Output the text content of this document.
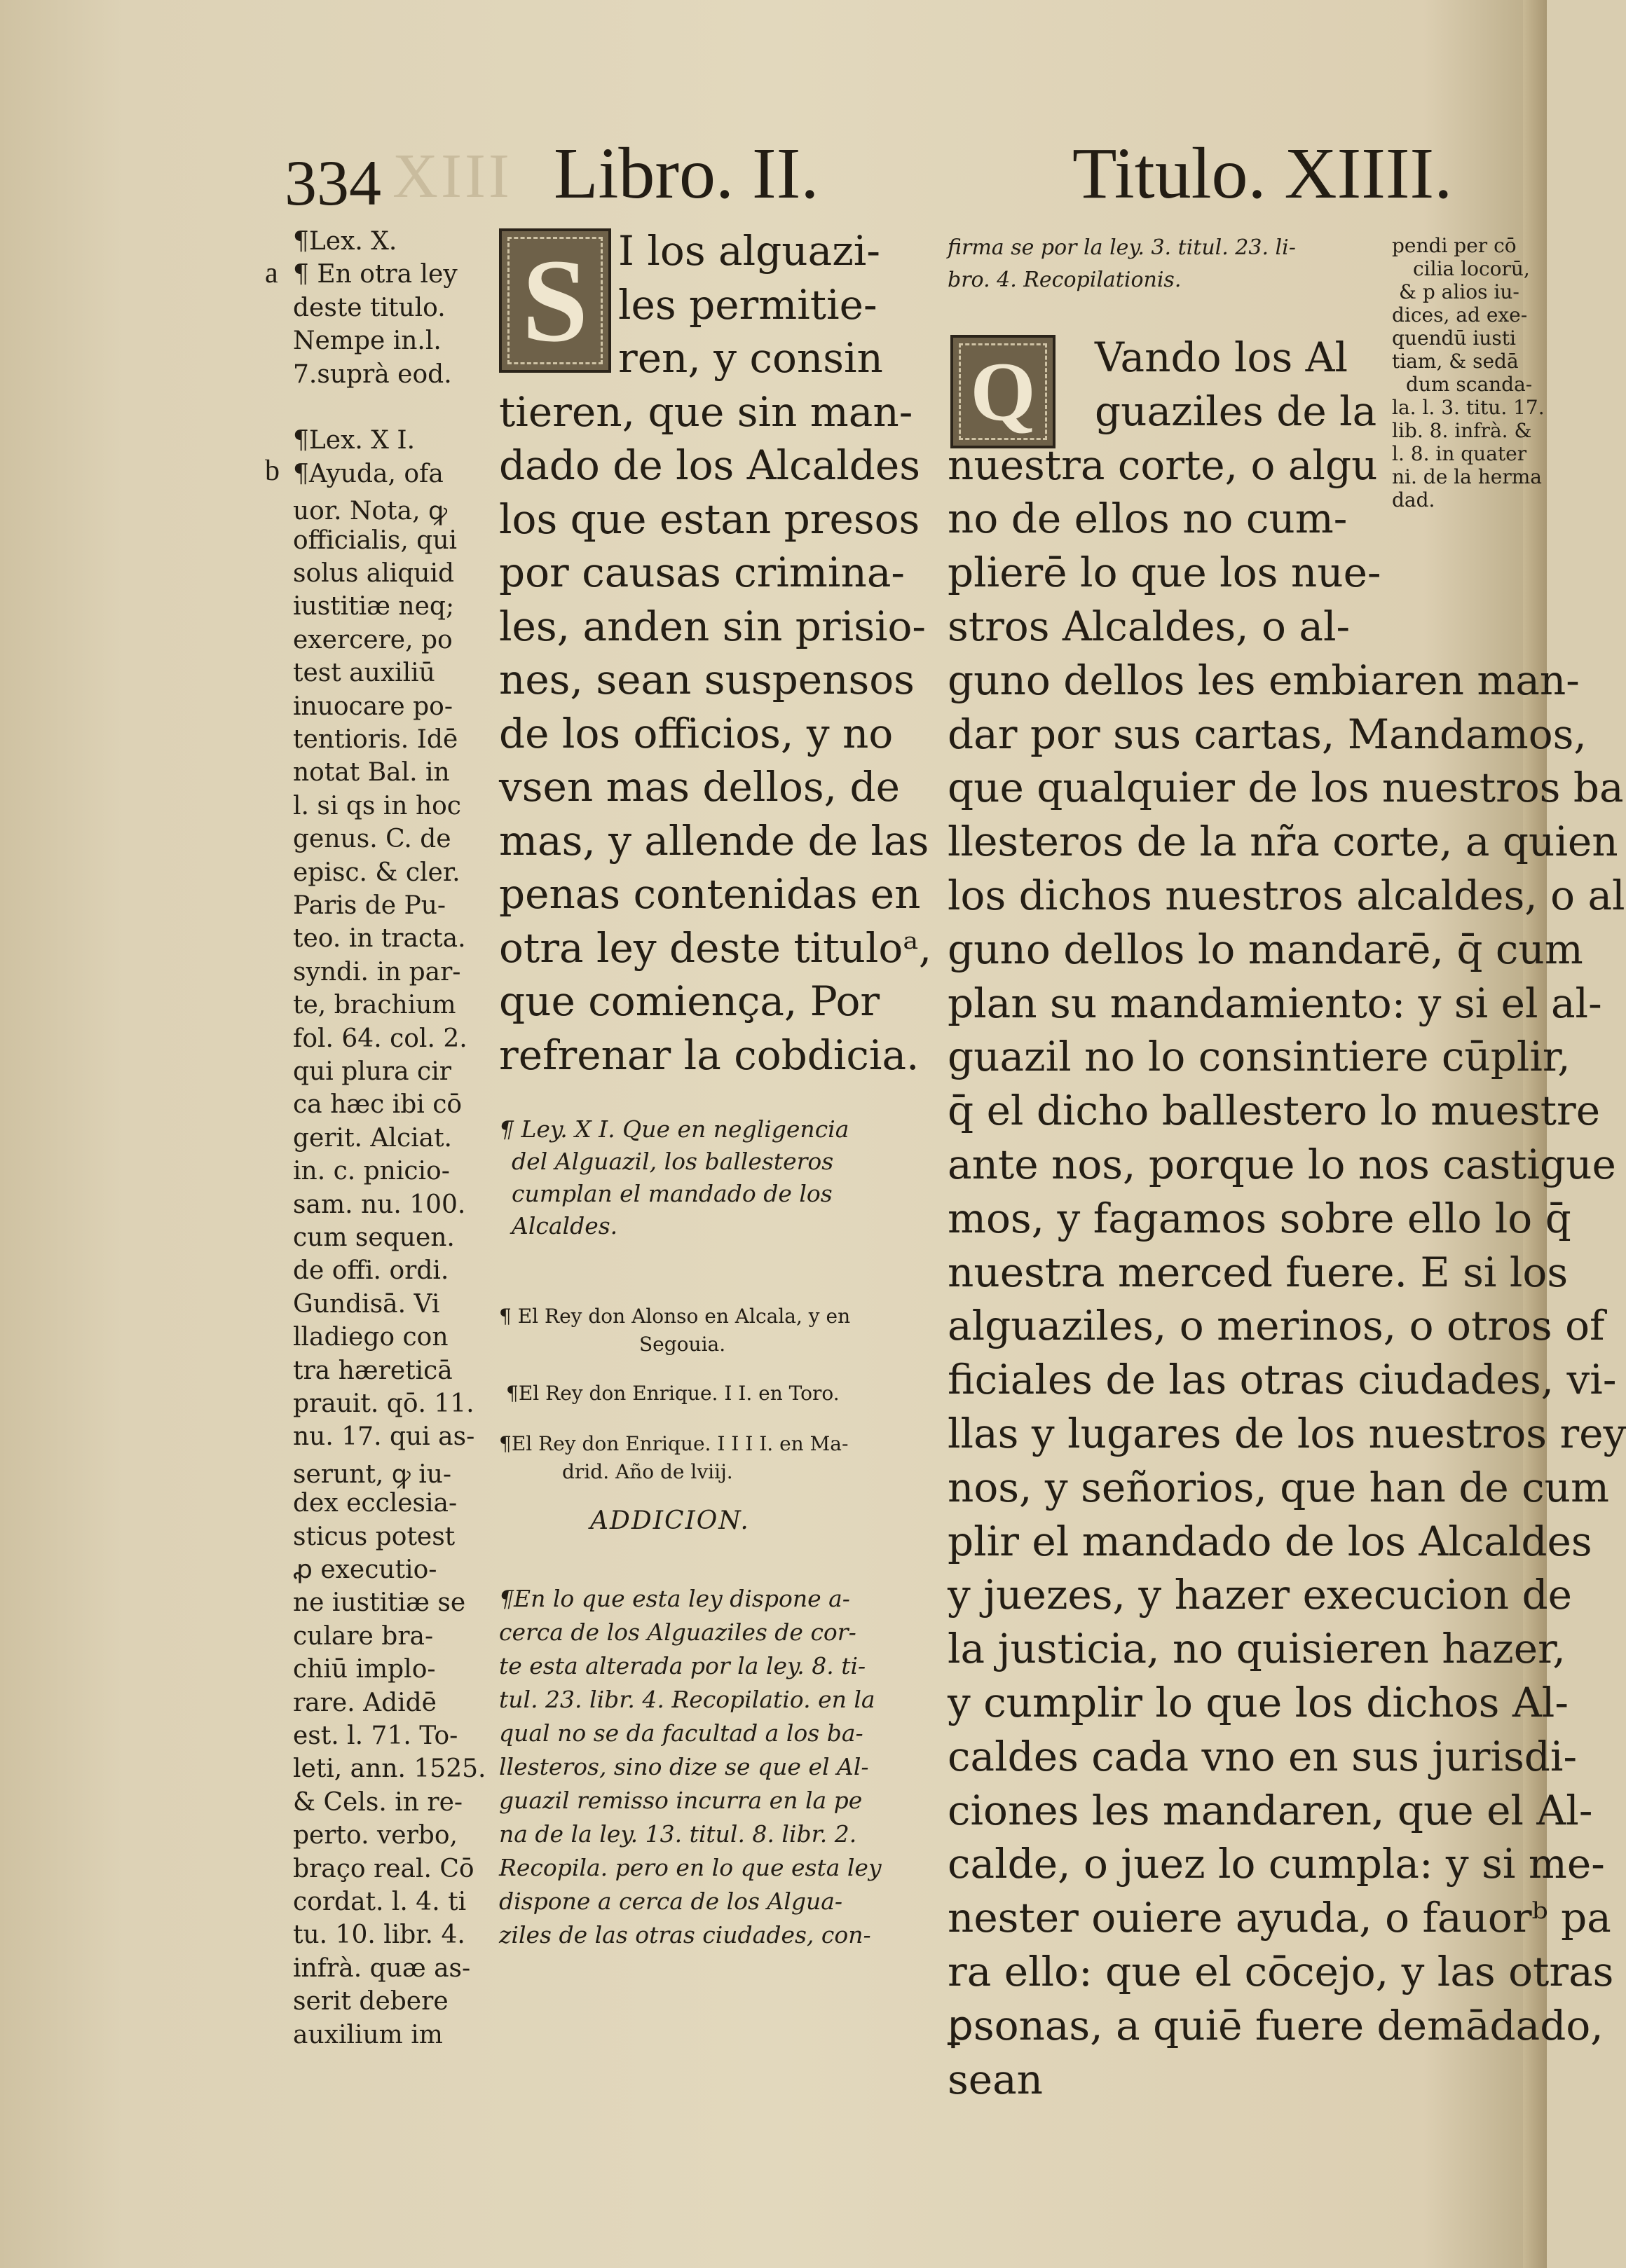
334 XIII Libro. II.	Titulo. XIIII.
a
b
¶Lex. X.
¶ En otra ley
deste titulo.
Nempe in.l.
7.suprà eod.
¶Lex. X I.
¶Ayuda, ofa
uor. Nota, ꝙ
officialis, qui
solus aliquid
iustitiæ neq;
exercere, po
test auxiliū
inuocare po-
tentioris. Idē
notat Bal. in
l. si qs in hoc
genus. C. de
episc. & cler.
Paris de Pu-
teo. in tracta.
syndi. in par-
te, brachium
fol. 64. col. 2.
qui plura cir
ca hæc ibi cō
gerit. Alciat.
in. c. pnicio-
sam. nu. 100.
cum sequen.
de offi. ordi.
Gundisā. Vi
lladiego con
tra hæreticā
prauit. qō. 11.
nu. 17. qui as-
serunt, ꝙ iu-
dex ecclesia-
sticus potest
ꝓ executio-
ne iustitiæ se
culare bra-
chiū implo-
rare. Adidē
est. l. 71. To-
leti, ann. 1525.
& Cels. in re-
perto. verbo,
braço real. Cō
cordat. l. 4. ti
tu. 10. libr. 4.
infrà. quæ as-
serit debere
auxilium im
S I los alguazi-
les permitie-
ren, y consin
tieren, que sin man-
dado de los Alcaldes
los que estan presos
por causas crimina-
les, anden sin prisio-
nes, sean suspensos
de los officios, y no
vsen mas dellos, de
mas, y allende de las
penas contenidas en
otra ley deste tituloᵃ,
que comiença, Por
refrenar la cobdicia.
¶ Ley. X I. Que en negligencia
del Alguazil, los ballesteros
cumplan el mandado de los
Alcaldes.
¶ El Rey don Alonso en Alcala, y en
Segouia.
¶El Rey don Enrique. I I. en Toro.
¶El Rey don Enrique. I I I I. en Ma-
drid. Año de lviij.
ADDICION.
¶En lo que esta ley dispone a-
cerca de los Alguaziles de cor-
te esta alterada por la ley. 8. ti-
tul. 23. libr. 4. Recopilatio. en la
qual no se da facultad a los ba-
llesteros, sino dize se que el Al-
guazil remisso incurra en la pe
na de la ley. 13. titul. 8. libr. 2.
Recopila. pero en lo que esta ley
dispone a cerca de los Algua-
ziles de las otras ciudades, con-
firma se por la ley. 3. titul. 23. li-
bro. 4. Recopilationis.
Q Vando los Al
guaziles de la
nuestra corte, o algu
no de ellos no cum-
plierē lo que los nue-
stros Alcaldes, o al-
guno dellos les embiaren man-
dar por sus cartas, Mandamos,
que qualquier de los nuestros ba
llesteros de la nr̃a corte, a quien
los dichos nuestros alcaldes, o al
guno dellos lo mandarē, q̄ cum
plan su mandamiento: y si el al-
guazil no lo consintiere cūplir,
q̄ el dicho ballestero lo muestre
ante nos, porque lo nos castigue
mos, y fagamos sobre ello lo q̄
nuestra merced fuere. E si los
alguaziles, o merinos, o otros of
ficiales de las otras ciudades, vi-
llas y lugares de los nuestros rey
nos, y señorios, que han de cum
plir el mandado de los Alcaldes
y juezes, y hazer execucion de
la justicia, no quisieren hazer,
y cumplir lo que los dichos Al-
caldes cada vno en sus jurisdi-
ciones les mandaren, que el Al-
calde, o juez lo cumpla: y si me-
nester ouiere ayuda, o fauorᵇ pa
ra ello: que el cōcejo, y las otras
ꝑsonas, a quiē fuere demādado,
sean
pendi per cō
cilia locorū,
& p alios iu-
dices, ad exe-
quendū iusti
tiam, & sedā
dum scanda-
la. l. 3. titu. 17.
lib. 8. infrà. &
l. 8. in quater
ni. de la herma
dad.
